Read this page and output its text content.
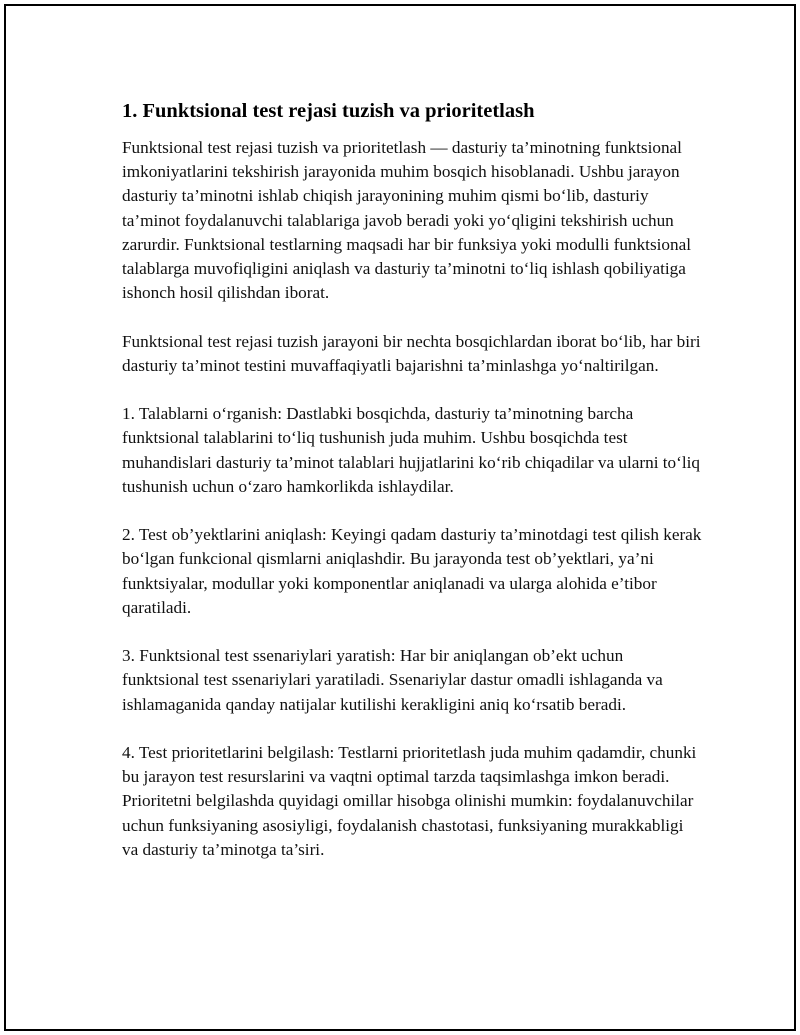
1. Funktsional test rejasi tuzish va prioritetlash

Funktsional test rejasi tuzish va prioritetlash — dasturiy ta’minotning funktsional imkoniyatlarini tekshirish jarayonida muhim bosqich hisoblanadi. Ushbu jarayon dasturiy ta’minotni ishlab chiqish jarayonining muhim qismi bo‘lib, dasturiy ta’minot foydalanuvchi talablariga javob beradi yoki yo‘qligini tekshirish uchun zarurdir. Funktsional testlarning maqsadi har bir funksiya yoki modulli funktsional talablarga muvofiqligini aniqlash va dasturiy ta’minotni to‘liq ishlash qobiliyatiga ishonch hosil qilishdan iborat.

Funktsional test rejasi tuzish jarayoni bir nechta bosqichlardan iborat bo‘lib, har biri dasturiy ta’minot testini muvaffaqiyatli bajarishni ta’minlashga yo‘naltirilgan.

1. Talablarni o‘rganish: Dastlabki bosqichda, dasturiy ta’minotning barcha funktsional talablarini to‘liq tushunish juda muhim. Ushbu bosqichda test muhandislari dasturiy ta’minot talablari hujjatlarini ko‘rib chiqadilar va ularni to‘liq tushunish uchun o‘zaro hamkorlikda ishlaydilar.

2. Test ob’yektlarini aniqlash: Keyingi qadam dasturiy ta’minotdagi test qilish kerak bo‘lgan funkcional qismlarni aniqlashdir. Bu jarayonda test ob’yektlari, ya’ni funktsiyalar, modullar yoki komponentlar aniqlanadi va ularga alohida e’tibor qaratiladi.

3. Funktsional test ssenariylari yaratish: Har bir aniqlangan ob’ekt uchun funktsional test ssenariylari yaratiladi. Ssenariylar dastur omadli ishlaganda va ishlamaganida qanday natijalar kutilishi kerakligini aniq ko‘rsatib beradi.

4. Test prioritetlarini belgilash: Testlarni prioritetlash juda muhim qadamdir, chunki bu jarayon test resurslarini va vaqtni optimal tarzda taqsimlashga imkon beradi. Prioritetni belgilashda quyidagi omillar hisobga olinishi mumkin: foydalanuvchilar uchun funksiyaning asosiyligi, foydalanish chastotasi, funksiyaning murakkabligi va dasturiy ta’minotga ta’siri.
